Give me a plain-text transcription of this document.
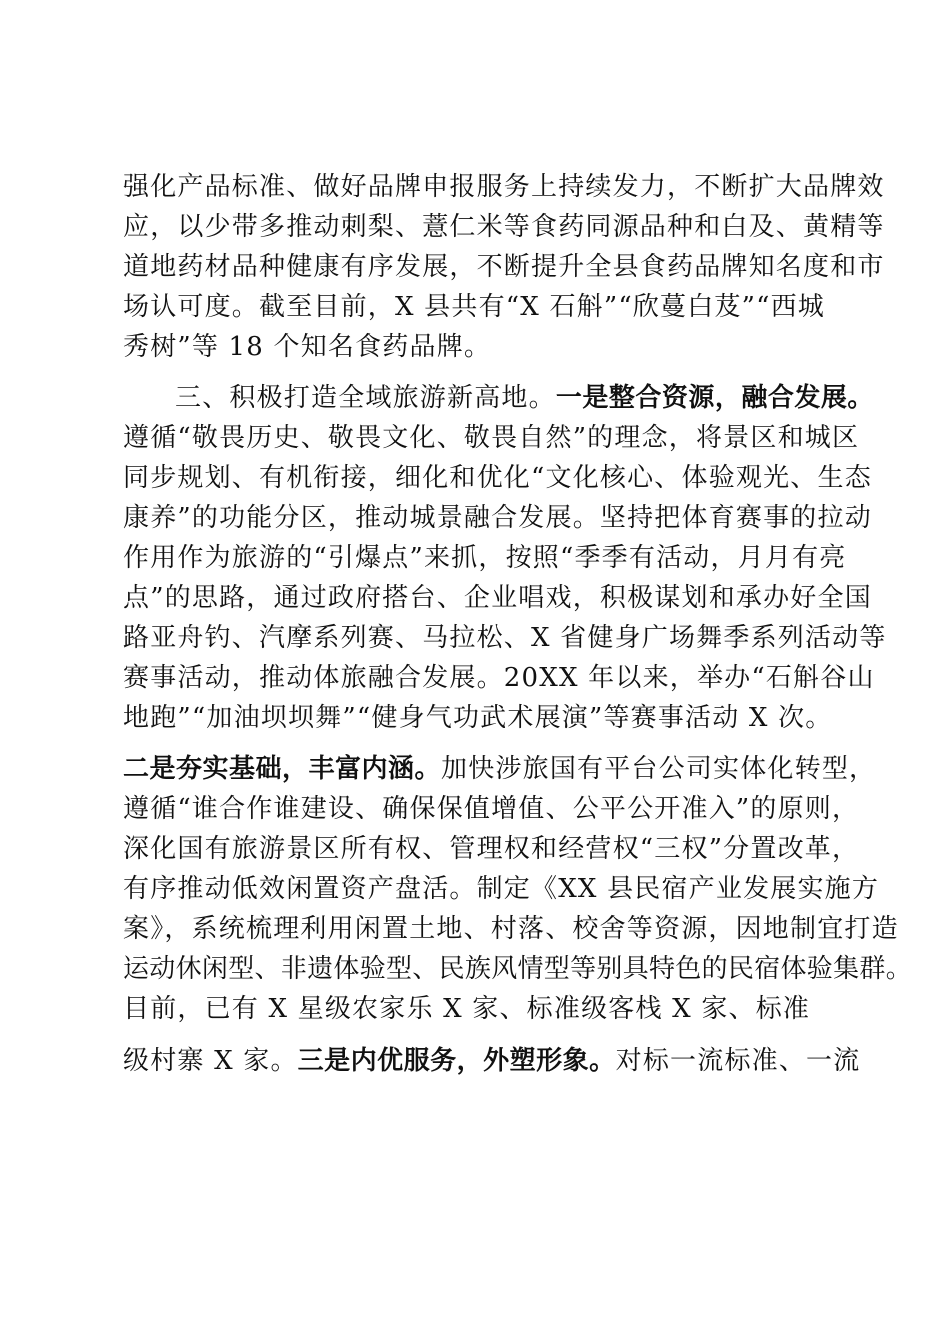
强化产品标准、做好品牌申报服务上持续发力，不断扩大品牌效
应，以少带多推动刺梨、薏仁米等食药同源品种和白及、黄精等
道地药材品种健康有序发展，不断提升全县食药品牌知名度和市
场认可度。截至目前，X 县共有“X 石斛”“欣蔓白芨”“西城
秀树”等 18 个知名食药品牌。
三、积极打造全域旅游新高地。一是整合资源，融合发展。
遵循“敬畏历史、敬畏文化、敬畏自然”的理念，将景区和城区
同步规划、有机衔接，细化和优化“文化核心、体验观光、生态
康养”的功能分区，推动城景融合发展。坚持把体育赛事的拉动
作用作为旅游的“引爆点”来抓，按照“季季有活动，月月有亮
点”的思路，通过政府搭台、企业唱戏，积极谋划和承办好全国
路亚舟钓、汽摩系列赛、马拉松、X 省健身广场舞季系列活动等
赛事活动，推动体旅融合发展。20XX 年以来，举办“石斛谷山
地跑”“加油坝坝舞”“健身气功武术展演”等赛事活动 X 次。
二是夯实基础，丰富内涵。加快涉旅国有平台公司实体化转型，
遵循“谁合作谁建设、确保保值增值、公平公开准入”的原则，
深化国有旅游景区所有权、管理权和经营权“三权”分置改革，
有序推动低效闲置资产盘活。制定《XX 县民宿产业发展实施方
案》，系统梳理利用闲置土地、村落、校舍等资源，因地制宜打造
运动休闲型、非遗体验型、民族风情型等别具特色的民宿体验集群。
目前，已有 X 星级农家乐 X 家、标准级客栈 X 家、标准
级村寨 X 家。三是内优服务，外塑形象。对标一流标准、一流
